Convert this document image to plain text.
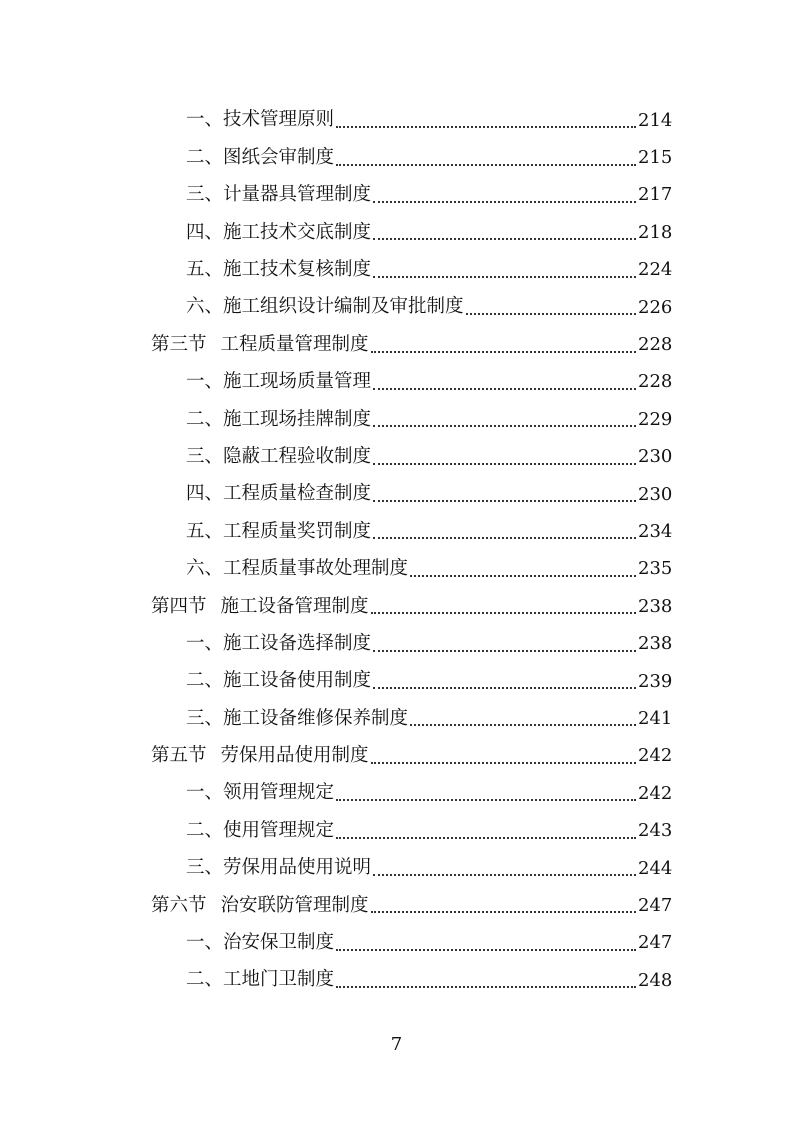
一、 技术管理原则	214
二、 图纸会审制度	215
三、 计量器具管理制度	217
四、 施工技术交底制度	218
五、 施工技术复核制度	224
六、 施工组织设计编制及审批制度	226
第三节 工程质量管理制度	228
一、 施工现场质量管理	228
二、 施工现场挂牌制度	229
三、 隐蔽工程验收制度	230
四、 工程质量检查制度	230
五、 工程质量奖罚制度	234
六、 工程质量事故处理制度	235
第四节 施工设备管理制度	238
一、 施工设备选择制度	238
二、 施工设备使用制度	239
三、 施工设备维修保养制度	241
第五节 劳保用品使用制度	242
一、 领用管理规定	242
二、 使用管理规定	243
三、 劳保用品使用说明	244
第六节 治安联防管理制度	247
一、 治安保卫制度	247
二、 工地门卫制度	248
7
